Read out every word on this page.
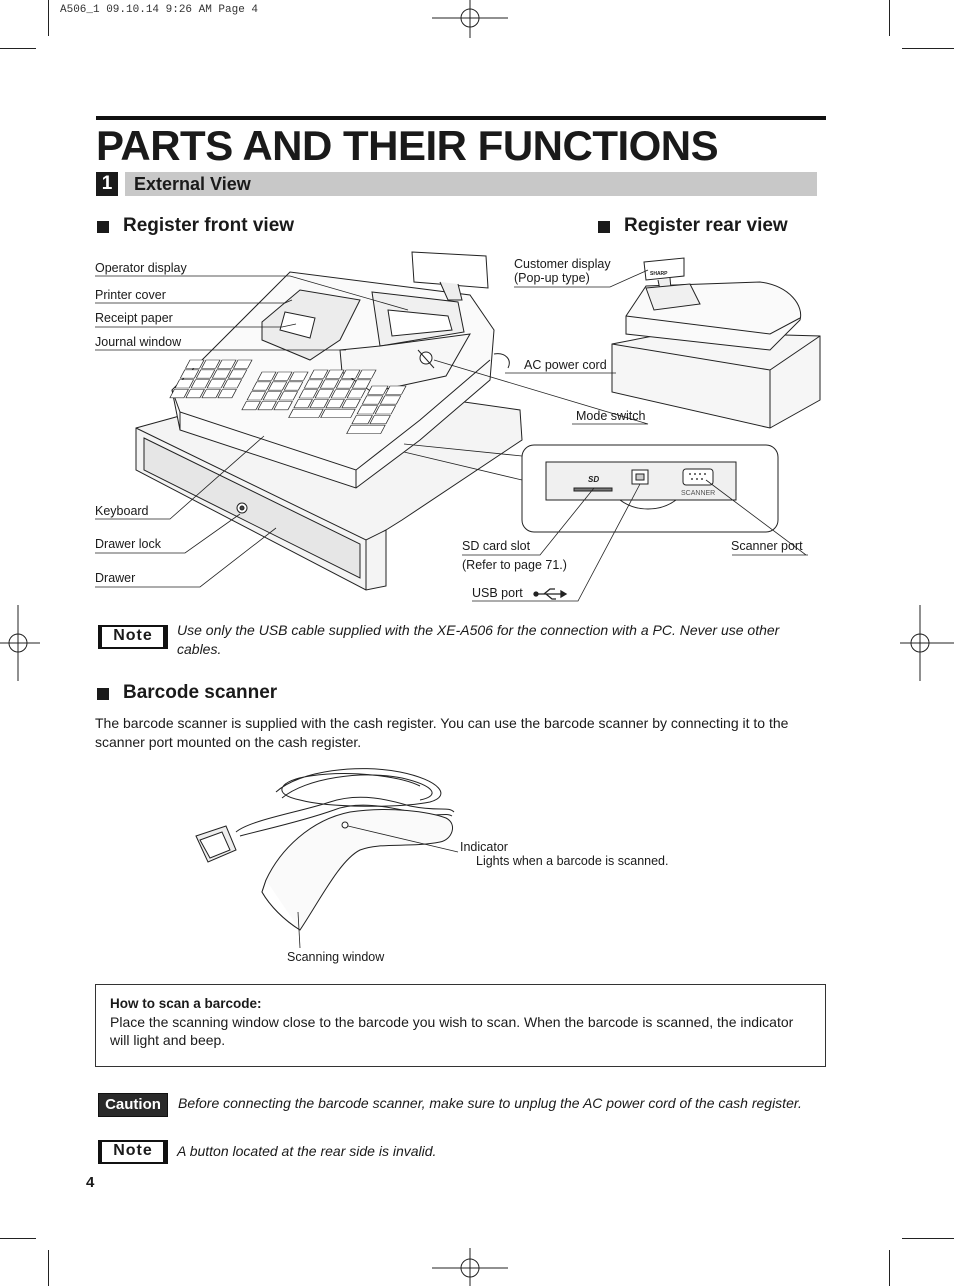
A506_1 09.10.14 9:26 AM Page 4
PARTS AND THEIR FUNCTIONS
1	External View
Register front view	Register rear view
SHARP
SD
SCANNER
Operator display
Printer cover
Receipt paper
Journal window
AC power cord
Mode switch
Keyboard
Drawer lock
Drawer
SD card slot
(Refer to page 71.)
USB port
Scanner port
Customer display
(Pop-up type)
Note	Use only the USB cable supplied with the XE-A506 for the connection with a PC. Never use other cables.
Barcode scanner
The barcode scanner is supplied with the cash register. You can use the barcode scanner by connecting it to the scanner port mounted on the cash register.
Indicator
Lights when a barcode is scanned.
Scanning window
How to scan a barcode:
Place the scanning window close to the barcode you wish to scan. When the barcode is scanned, the indicator will light and beep.
Caution	Before connecting the barcode scanner, make sure to unplug the AC power cord of the cash register.
Note	A button located at the rear side is invalid.
4
